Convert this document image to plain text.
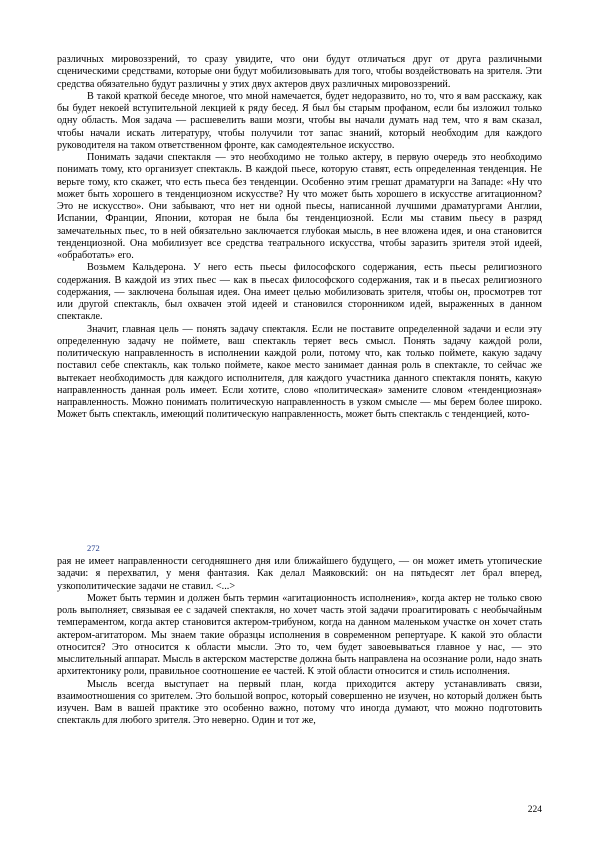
различных мировоззрений, то сразу увидите, что они будут отличаться друг от друга различными сценическими средствами, которые они будут мобилизовывать для того, чтобы воздействовать на зрителя. Эти средства обязательно будут различны у этих двух актеров двух различных мировоззрений.

В такой краткой беседе многое, что мной намечается, будет недоразвито, но то, что я вам расскажу, как бы будет некоей вступительной лекцией к ряду бесед. Я был бы старым профаном, если бы изложил только одну область. Моя задача — расшевелить ваши мозги, чтобы вы начали думать над тем, что я вам сказал, чтобы начали искать литературу, чтобы получили тот запас знаний, который необходим для каждого руководителя на таком ответственном фронте, как самодеятельное искусство.

Понимать задачи спектакля — это необходимо не только актеру, в первую очередь это необходимо понимать тому, кто организует спектакль. В каждой пьесе, которую ставят, есть определенная тенденция. Не верьте тому, кто скажет, что есть пьеса без тенденции. Особенно этим грешат драматурги на Западе: «Ну что может быть хорошего в тенденциозном искусстве? Ну что может быть хорошего в искусстве агитационном? Это не искусство». Они забывают, что нет ни одной пьесы, написанной лучшими драматургами Англии, Испании, Франции, Японии, которая не была бы тенденциозной. Если мы ставим пьесу в разряд замечательных пьес, то в ней обязательно заключается глубокая мысль, в нее вложена идея, и она становится тенденциозной. Она мобилизует все средства театрального искусства, чтобы заразить зрителя этой идеей, «обработать» его.

Возьмем Кальдерона. У него есть пьесы философского содержания, есть пьесы религиозного содержания. В каждой из этих пьес — как в пьесах философского содержания, так и в пьесах религиозного содержания, — заключена большая идея. Она имеет целью мобилизовать зрителя, чтобы он, просмотрев тот или другой спектакль, был охвачен этой идеей и становился сторонником идей, выраженных в данном спектакле.

Значит, главная цель — понять задачу спектакля. Если не поставите определенной задачи и если эту определенную задачу не поймете, ваш спектакль теряет весь смысл. Понять задачу каждой роли, политическую направленность в исполнении каждой роли, потому что, как только поймете, какую задачу поставил себе спектакль, как только поймете, какое место занимает данная роль в спектакле, то сейчас же вытекает необходимость для каждого исполнителя, для каждого участника данного спектакля понять, какую направленность данная роль имеет. Если хотите, слово «политическая» замените словом «тенденциозная» направленность. Можно понимать политическую направленность в узком смысле — мы берем более широко. Может быть спектакль, имеющий политическую направленность, может быть спектакль с тенденцией, кото-

272

рая не имеет направленности сегодняшнего дня или ближайшего будущего, — он может иметь утопические задачи: я перехватил, у меня фантазия. Как делал Маяковский: он на пятьдесят лет брал вперед, узкополитические задачи не ставил. <...>

Может быть термин и должен быть термин «агитационность исполнения», когда актер не только свою роль выполняет, связывая ее с задачей спектакля, но хочет часть этой задачи проагитировать с необычайным темпераментом, когда актер становится актером-трибуном, когда на данном маленьком участке он хочет стать актером-агитатором. Мы знаем такие образцы исполнения в современном репертуаре. К какой это области относится? Это относится к области мысли. Это то, чем будет завоевываться главное у нас, — это мыслительный аппарат. Мысль в актерском мастерстве должна быть направлена на осознание роли, надо знать архитектонику роли, правильное соотношение ее частей. К этой области относится и стиль исполнения.

Мысль всегда выступает на первый план, когда приходится актеру устанавливать связи, взаимоотношения со зрителем. Это большой вопрос, который совершенно не изучен, но который должен быть изучен. Вам в вашей практике это особенно важно, потому что иногда думают, что можно подготовить спектакль для любого зрителя. Это неверно. Один и тот же,

224
